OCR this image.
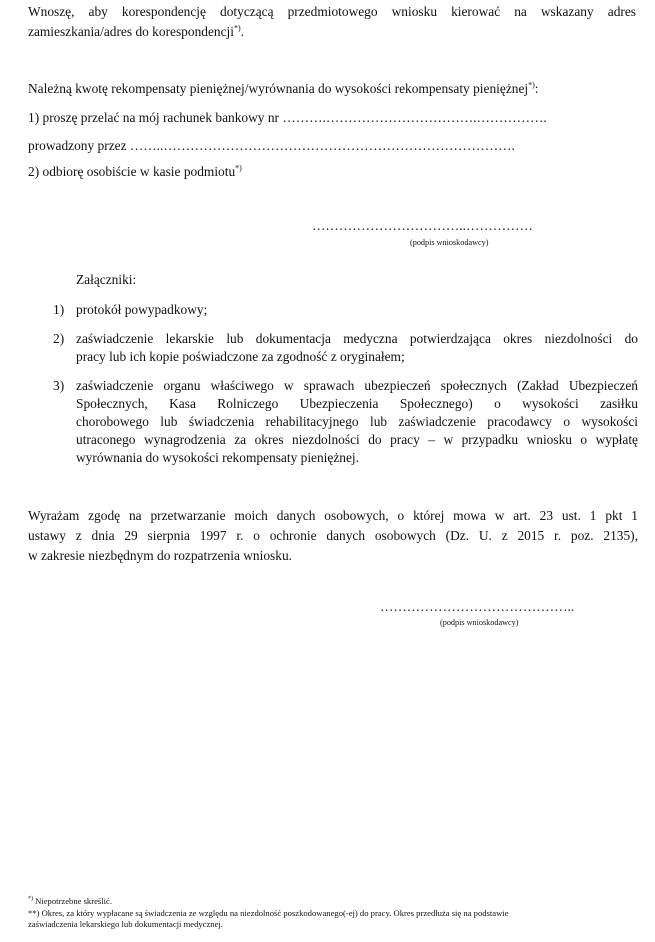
Wnoszę, aby korespondencję dotyczącą przedmiotowego wniosku kierować na wskazany adres
zamieszkania/adres do korespondencji*).
Należną kwotę rekompensaty pieniężnej/wyrównania do wysokości rekompensaty pieniężnej*):
1) proszę przelać na mój rachunek bankowy nr ……….…………………………….…………….
prowadzony przez ……..…………………………………………………………………….
2) odbiorę osobiście w kasie podmiotu*)
……………………………..……………
(podpis wnioskodawcy)
Załączniki:
1) protokół powypadkowy;
2) zaświadczenie lekarskie lub dokumentacja medyczna potwierdzająca okres niezdolności do
pracy lub ich kopie poświadczone za zgodność z oryginałem;
3) zaświadczenie organu właściwego w sprawach ubezpieczeń społecznych (Zakład Ubezpieczeń
Społecznych, Kasa Rolniczego Ubezpieczenia Społecznego) o wysokości zasiłku
chorobowego lub świadczenia rehabilitacyjnego lub zaświadczenie pracodawcy o wysokości
utraconego wynagrodzenia za okres niezdolności do pracy – w przypadku wniosku o wypłatę
wyrównania do wysokości rekompensaty pieniężnej.
Wyrażam zgodę na przetwarzanie moich danych osobowych, o której mowa w art. 23 ust. 1 pkt 1
ustawy z dnia 29 sierpnia 1997 r. o ochronie danych osobowych (Dz. U. z 2015 r. poz. 2135),
w zakresie niezbędnym do rozpatrzenia wniosku.
……………………………………..
(podpis wnioskodawcy)
*) Niepotrzebne skreślić.
**) Okres, za który wypłacane są świadczenia ze względu na niezdolność poszkodowanego(-ej) do pracy. Okres przedłuża się na podstawie
zaświadczenia lekarskiego lub dokumentacji medycznej.
